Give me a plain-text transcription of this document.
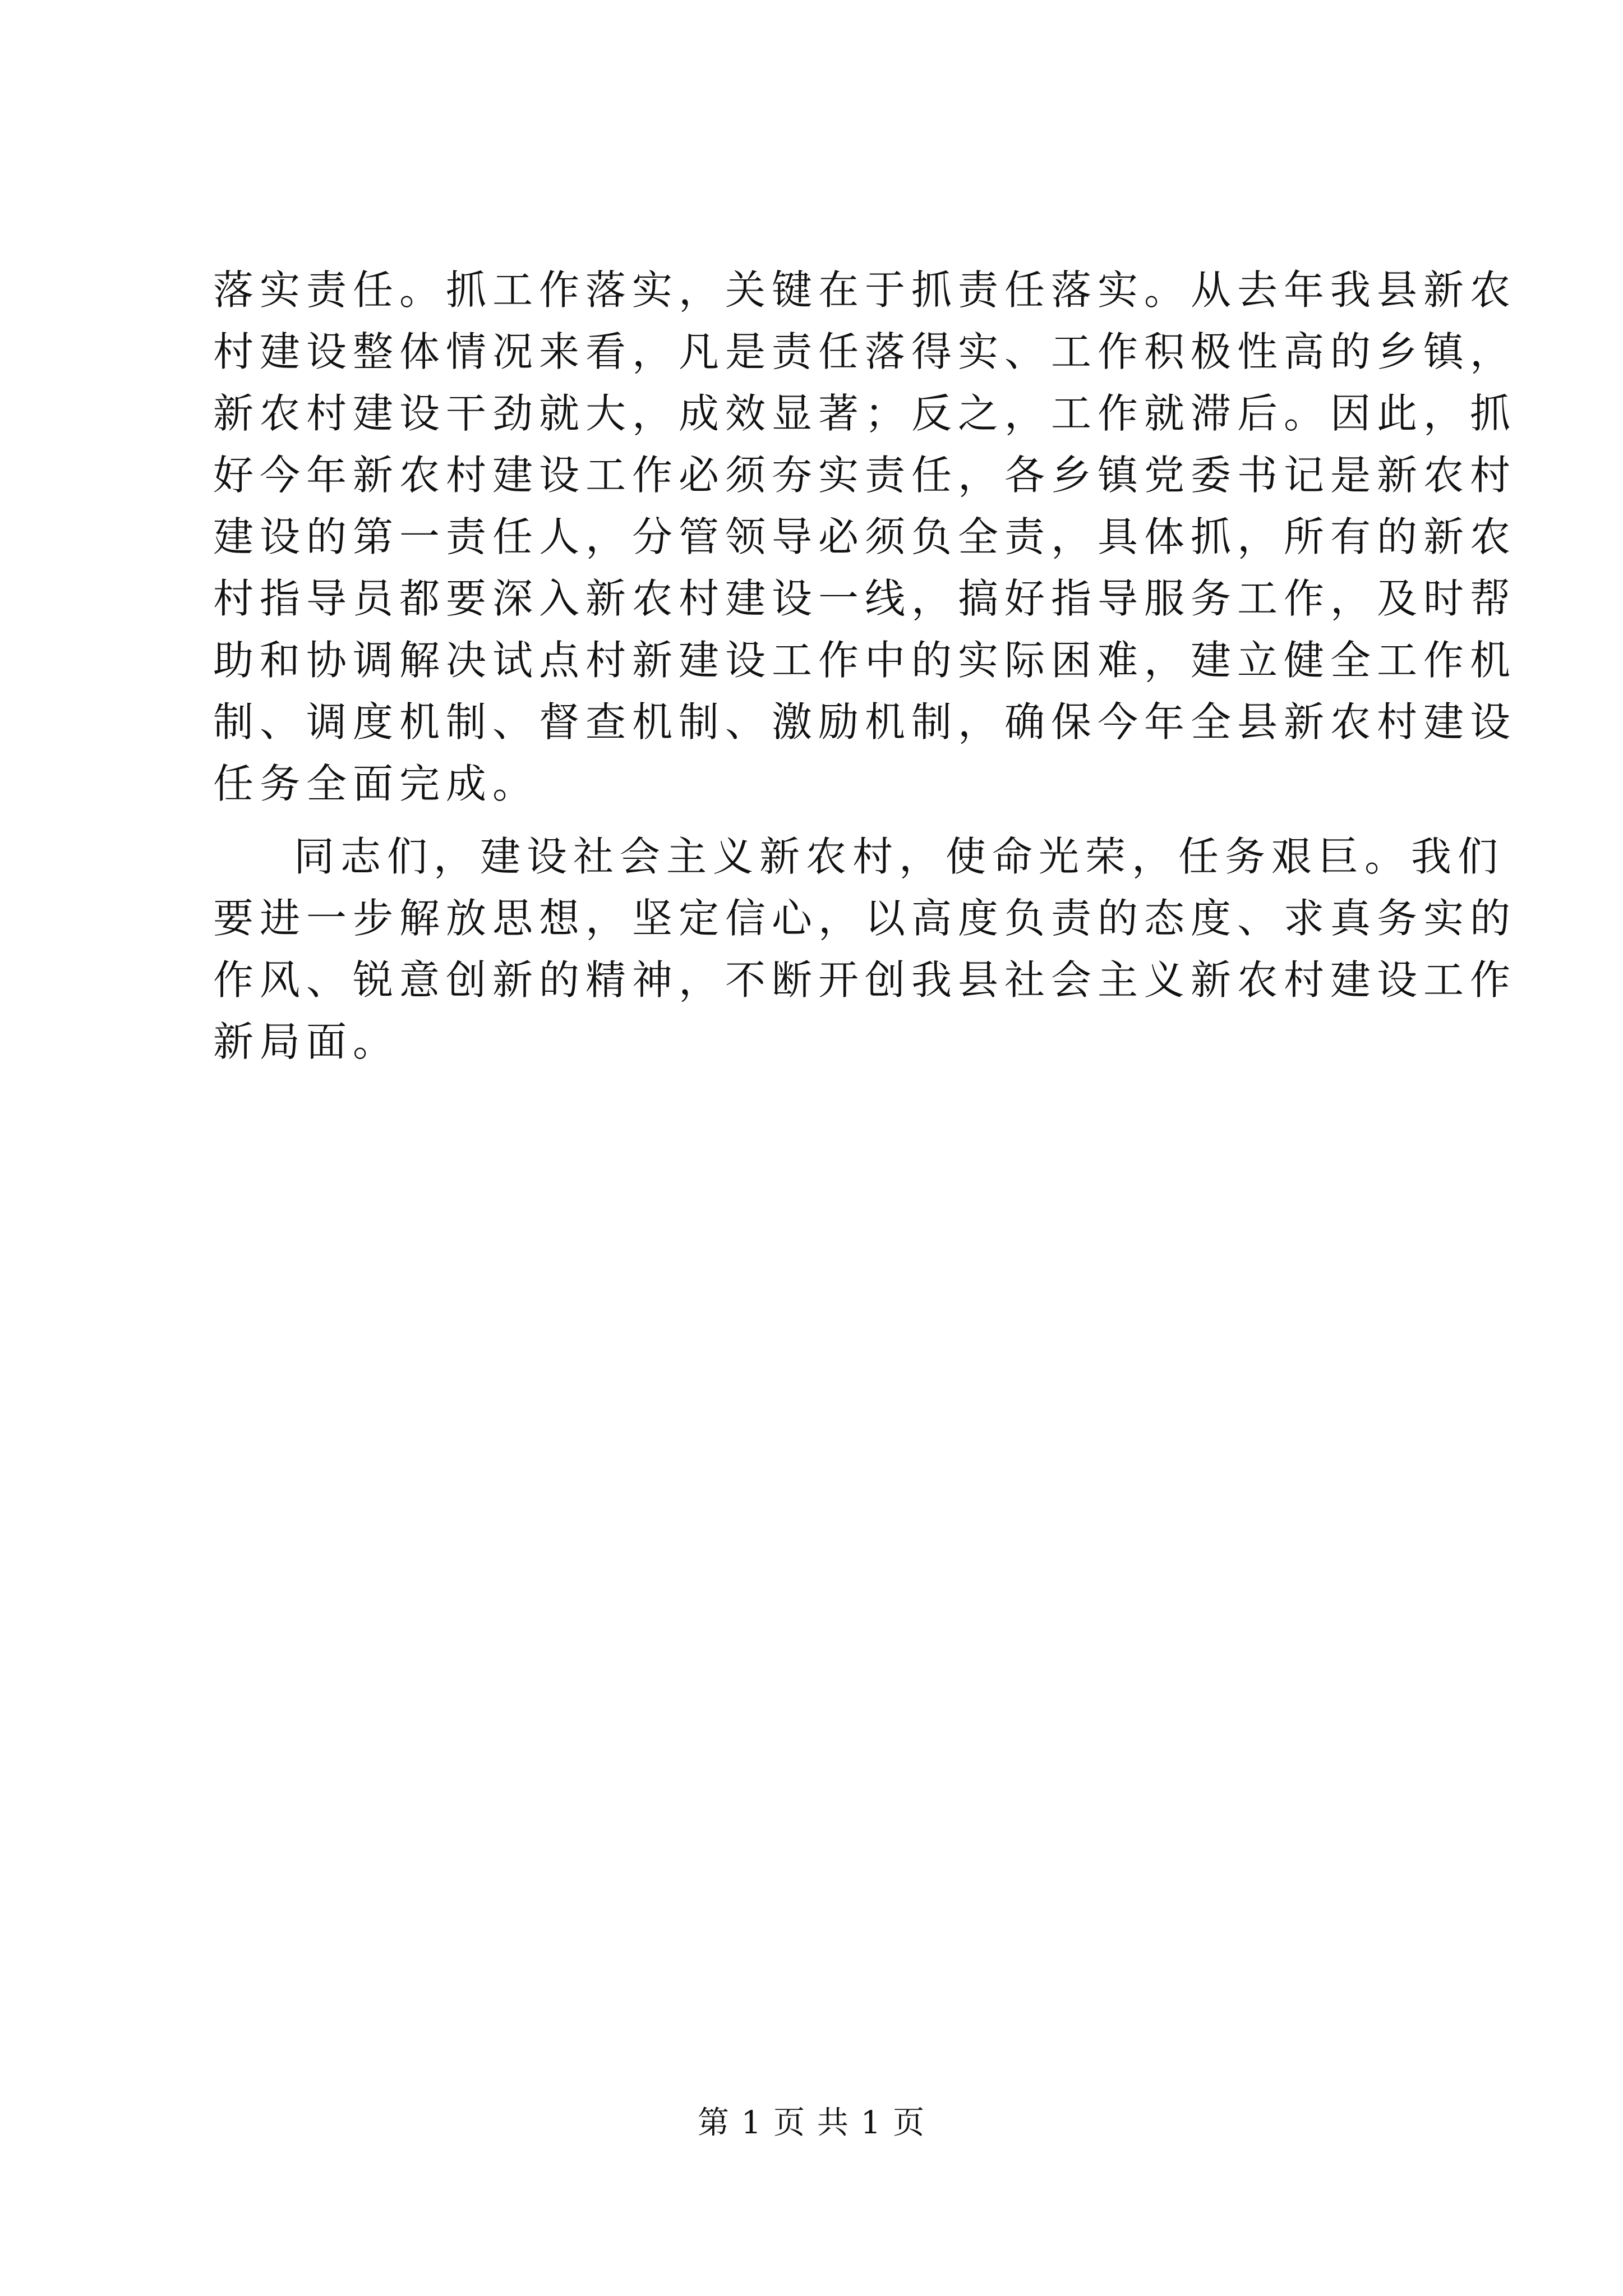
落实责任。抓工作落实，关键在于抓责任落实。从去年我县新农
村建设整体情况来看，凡是责任落得实、工作积极性高的乡镇，
新农村建设干劲就大，成效显著；反之，工作就滞后。因此，抓
好今年新农村建设工作必须夯实责任，各乡镇党委书记是新农村
建设的第一责任人，分管领导必须负全责，具体抓，所有的新农
村指导员都要深入新农村建设一线，搞好指导服务工作，及时帮
助和协调解决试点村新建设工作中的实际困难，建立健全工作机
制、调度机制、督查机制、激励机制，确保今年全县新农村建设
任务全面完成。
同志们，建设社会主义新农村，使命光荣，任务艰巨。我们
要进一步解放思想，坚定信心，以高度负责的态度、求真务实的
作风、锐意创新的精神，不断开创我县社会主义新农村建设工作
新局面。
第 1 页 共 1 页
